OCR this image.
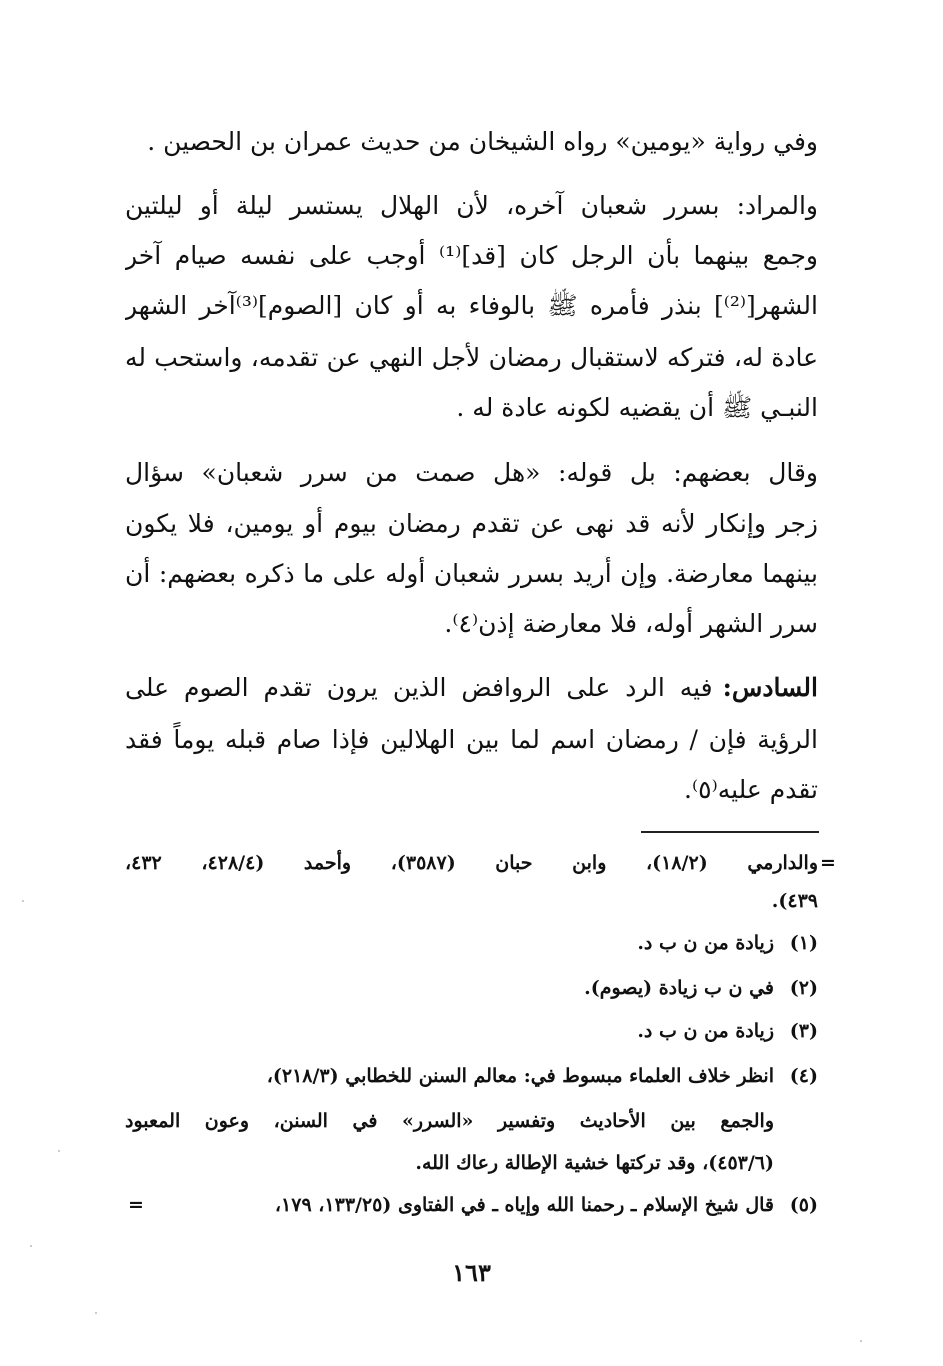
وفي رواية «يومين» رواه الشيخان من حديث عمران بن الحصين .
والمراد: بسرر شعبان آخره، لأن الهلال يستسر ليلة أو ليلتين
وجمع بينهما بأن الرجل كان [قد]⁽¹⁾ أوجب على نفسه صيام آخر
الشهر[⁽²⁾] بنذر فأمره ﷺ بالوفاء به أو كان [الصوم]⁽³⁾آخر الشهر
عادة له، فتركه لاستقبال رمضان لأجل النهي عن تقدمه، واستحب له
النبـي ﷺ أن يقضيه لكونه عادة له .
وقال بعضهم: بل قوله: «هل صمت من سرر شعبان» سؤال
زجر وإنكار لأنه قد نهى عن تقدم رمضان بيوم أو يومين، فلا يكون
بينهما معارضة. وإن أُريد بسرر شعبان أوله على ما ذكره بعضهم: أن
سرر الشهر أوله، فلا معارضة إذن⁽٤⁾.
السادس:
فيه الرد على الروافض الذين يرون تقدم الصوم على
الرؤية فإن / رمضان اسم لما بين الهلالين فإذا صام قبله يوماً فقد
تقدم عليه⁽٥⁾.
=
والدارمي (١٨/٢)، وابن حبان (٣٥٨٧)، وأحمد (٤٢٨/٤، ٤٣٢،
٤٣٩).
(١)زيادة من ن ب د.
(٢)في ن ب زيادة (يصوم).
(٣)زيادة من ن ب د.
(٤)انظر خلاف العلماء مبسوط في: معالم السنن للخطابي (٢١٨/٣)،
والجمع بين الأحاديث وتفسير «السرر» في السنن، وعون المعبود
(٤٥٣/٦)، وقد تركتها خشية الإطالة رعاك الله.
(٥)قال شيخ الإسلام ـ رحمنا الله وإياه ـ في الفتاوى (١٣٣/٢٥، ١٧٩،
=
١٦٣
